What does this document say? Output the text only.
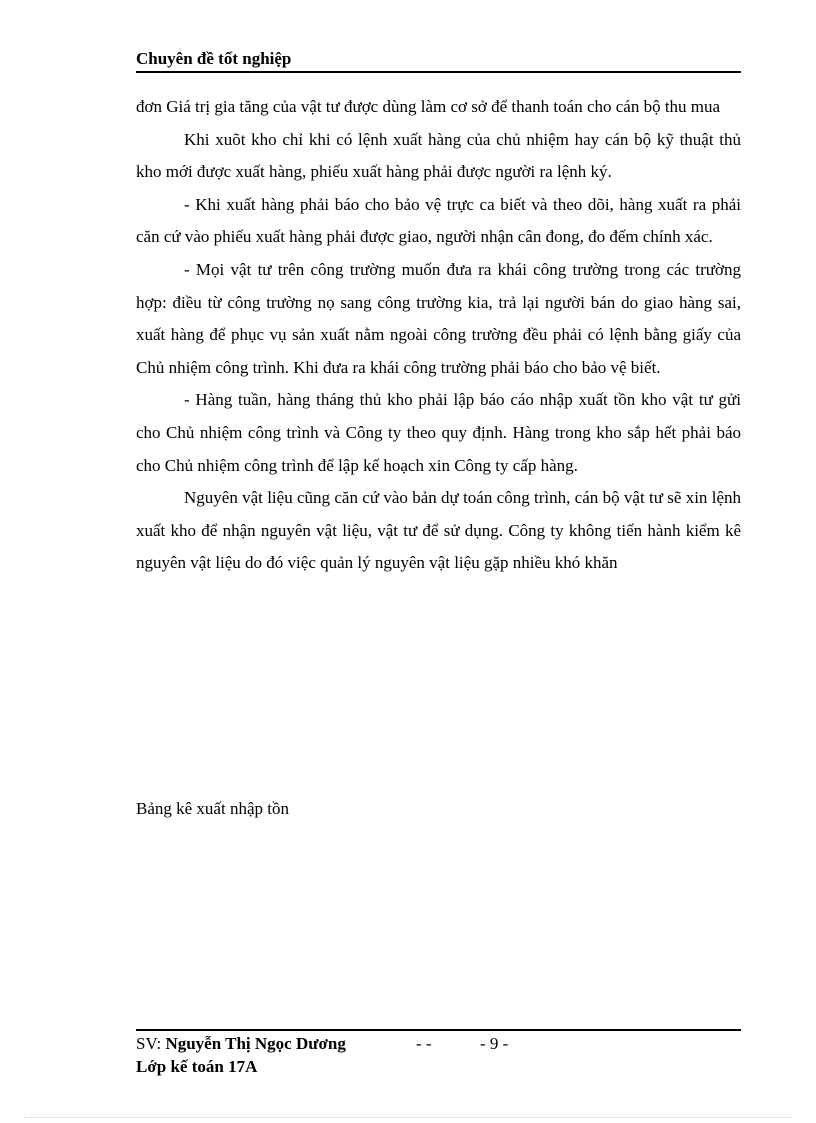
Chuyên đề tốt nghiệp

đơn Giá trị gia tăng của vật tư được dùng làm cơ sở để thanh toán cho cán bộ thu mua

Khi xuõt kho chỉ khi có lệnh xuất hàng của chủ nhiệm hay cán bộ kỹ thuật thủ kho mới được xuất hàng, phiếu xuất hàng phải được người ra lệnh ký.

- Khi xuất hàng phải báo cho bảo vệ trực ca biết và theo dõi, hàng xuất ra phải căn cứ vào phiếu xuất hàng phải được giao, người nhận cân đong, đo đếm chính xác.

- Mọi vật tư trên công trường muốn đưa ra khái công trường trong các trường hợp: điều từ công trường nọ sang công trường kia, trả lại người bán do giao hàng sai, xuất hàng để phục vụ sản xuất nằm ngoài công trường đều phải có lệnh bằng giấy của Chủ nhiệm công trình. Khi đưa ra khái công trường phải báo cho bảo vệ biết.

- Hàng tuần, hàng tháng thủ kho phải lập báo cáo nhập xuất tồn kho vật tư gửi cho Chủ nhiệm công trình và Công ty theo quy định. Hàng trong kho sắp hết phải báo cho Chủ nhiệm công trình để lập kế hoạch xin Công ty cấp hàng.

Nguyên vật liệu cũng căn cứ vào bản dự toán công trình, cán bộ vật tư sẽ xin lệnh xuất kho để nhận nguyên vật liệu, vật tư để sử dụng. Công ty không tiến hành kiểm kê nguyên vật liệu do đó việc quản lý nguyên vật liệu gặp nhiều khó khăn

Bảng kê xuất nhập tồn
SV: Nguyễn Thị Ngọc Dương	- -	- 9 -
Lớp kế toán 17A
